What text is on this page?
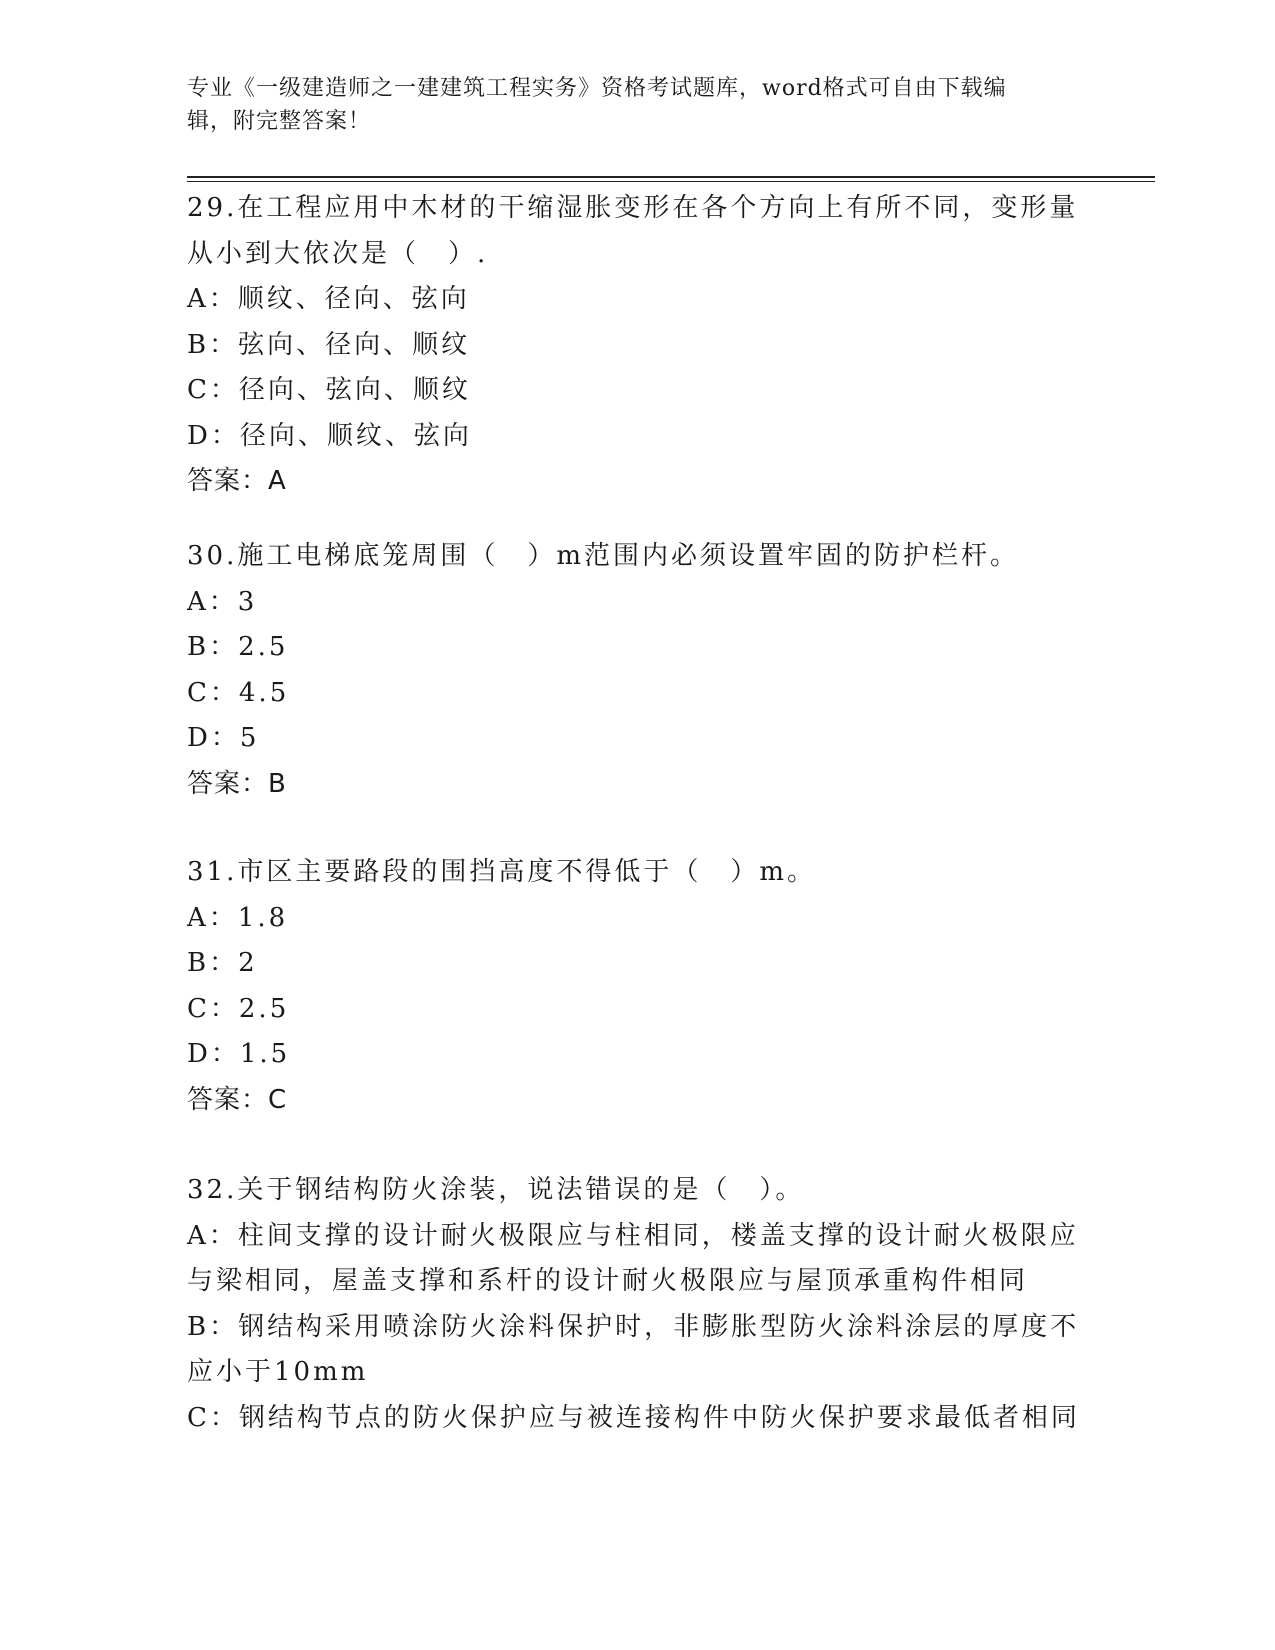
专业《一级建造师之一建建筑工程实务》资格考试题库，word格式可自由下载编
辑，附完整答案！
29.在工程应用中木材的干缩湿胀变形在各个方向上有所不同，变形量
从小到大依次是（　）.
A：顺纹、径向、弦向
B：弦向、径向、顺纹
C：径向、弦向、顺纹
D：径向、顺纹、弦向
答案：A
30.施工电梯底笼周围（　）m范围内必须设置牢固的防护栏杆。
A：3
B：2.5
C：4.5
D：5
答案：B
31.市区主要路段的围挡高度不得低于（　）m。
A：1.8
B：2
C：2.5
D：1.5
答案：C
32.关于钢结构防火涂装，说法错误的是（　）。
A：柱间支撑的设计耐火极限应与柱相同，楼盖支撑的设计耐火极限应
与梁相同，屋盖支撑和系杆的设计耐火极限应与屋顶承重构件相同
B：钢结构采用喷涂防火涂料保护时，非膨胀型防火涂料涂层的厚度不
应小于10mm
C：钢结构节点的防火保护应与被连接构件中防火保护要求最低者相同
